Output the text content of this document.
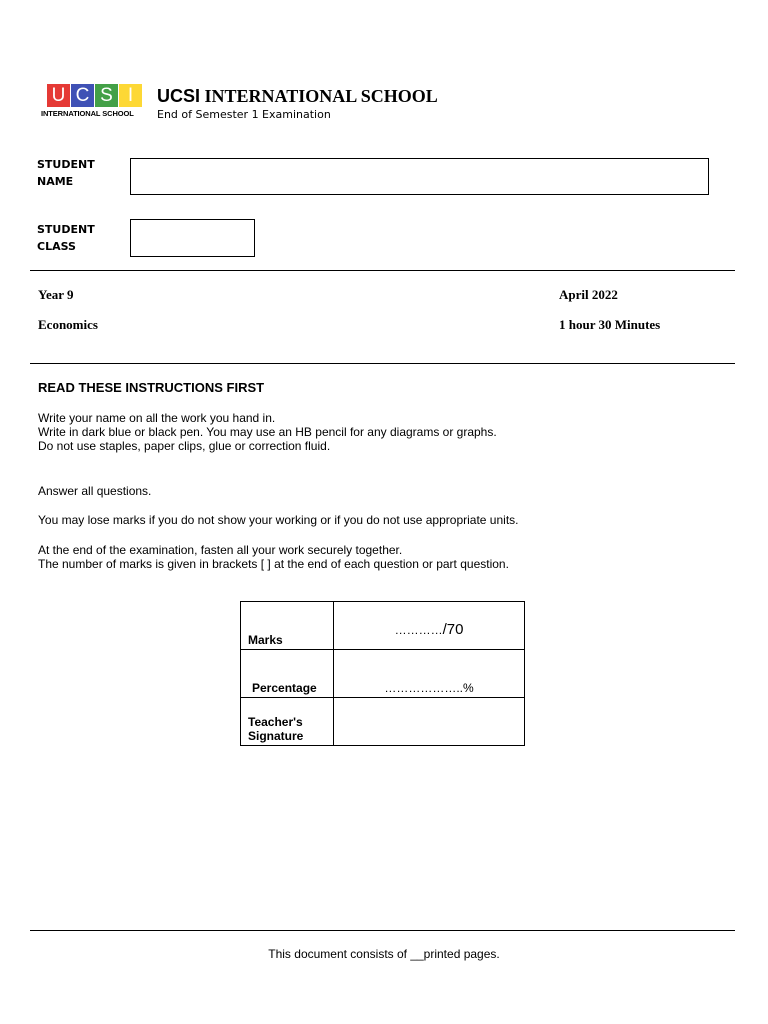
U C S I
INTERNATIONAL SCHOOL
UCSI INTERNATIONAL SCHOOL
End of Semester 1 Examination
STUDENT
NAME
STUDENT
CLASS
Year 9
Economics
April 2022
1 hour 30 Minutes
READ THESE INSTRUCTIONS FIRST
Write your name on all the work you hand in.
Write in dark blue or black pen. You may use an HB pencil for any diagrams or graphs.
Do not use staples, paper clips, glue or correction fluid.
Answer all questions.
You may lose marks if you do not show your working or if you do not use appropriate units.
At the end of the examination, fasten all your work securely together.
The number of marks is given in brackets [ ] at the end of each question or part question.
Marks	…………/70

Percentage	………………..%

Teacher's
Signature	

This document consists of __printed pages.
